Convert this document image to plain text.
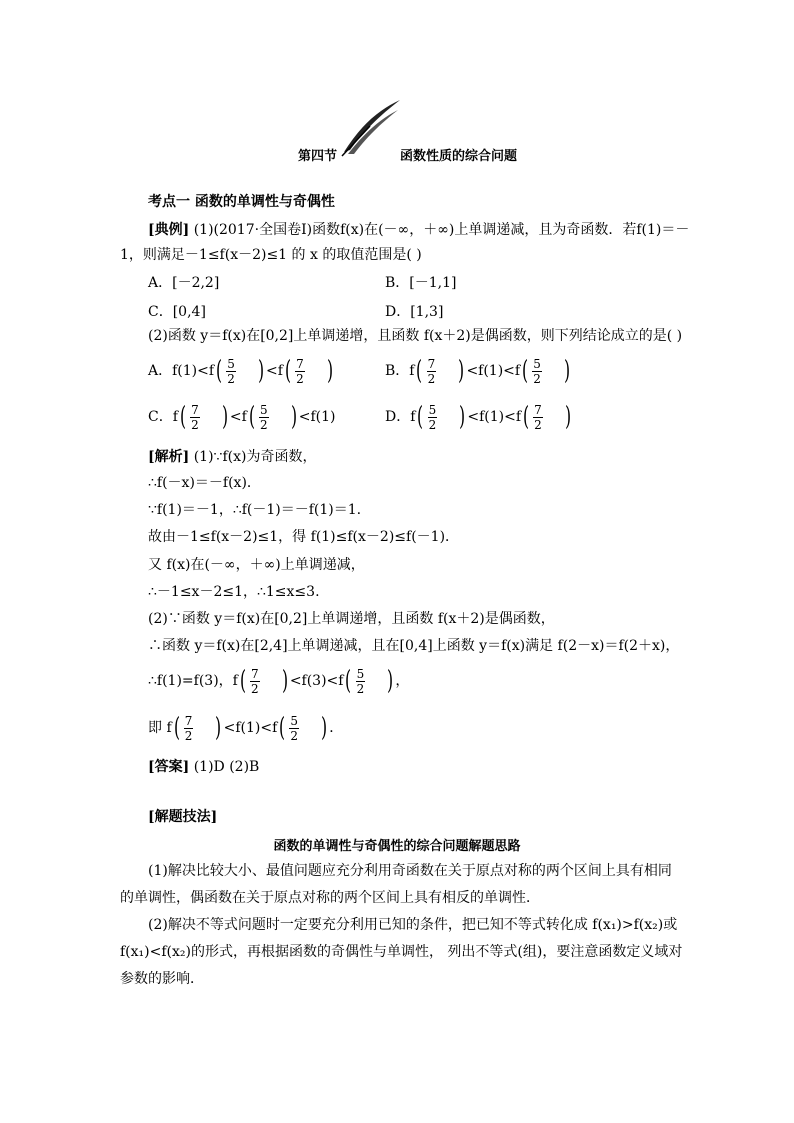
第四节	函数性质的综合问题
考点一 函数的单调性与奇偶性
[典例] (1)(2017·全国卷Ⅰ)函数f(x)在(－∞，＋∞)上单调递减，且为奇函数．若f(1)＝－
1，则满足－1≤f(x－2)≤1 的 x 的取值范围是( )
A．[－2,2]	B．[－1,1]
C．[0,4]	D．[1,3]
(2)函数 y＝f(x)在[0,2]上单调递增，且函数 f(x＋2)是偶函数，则下列结论成立的是( )
A．$f(1)<f( \frac{5}{2}$ ) $<f( \frac{7}{2}$ )	B．$f( \frac{7}{2}$ ) $<f(1)<f( \frac{5}{2}$ )
C．$f( \frac{7}{2}$ ) $<f( \frac{5}{2}$ ) <f(1)	D．$f( \frac{5}{2}$ ) $<f(1)<f( \frac{7}{2}$ )
[解析] (1)∵f(x)为奇函数，
∴f(－x)＝－f(x)．
∵f(1)＝－1，∴f(－1)＝－f(1)＝1.
故由－1≤f(x－2)≤1，得 f(1)≤f(x－2)≤f(－1)．
又 f(x)在(－∞，＋∞)上单调递减，
∴－1≤x－2≤1，∴1≤x≤3.
(2)∵函数 y＝f(x)在[0,2]上单调递增，且函数 f(x＋2)是偶函数，
∴函数 y＝f(x)在[2,4]上单调递减，且在[0,4]上函数 y＝f(x)满足 f(2－x)＝f(2＋x)，
∴f(1)=f(3)，$f( \frac{7}{2}$ ) $<f(3)<f( \frac{5}{2}$ ) ，
即 $f( \frac{7}{2}$ ) $<f(1)<f( \frac{5}{2}$ ) ．
[答案] (1)D (2)B
[解题技法]
函数的单调性与奇偶性的综合问题解题思路
(1)解决比较大小、最值问题应充分利用奇函数在关于原点对称的两个区间上具有相同
的单调性，偶函数在关于原点对称的两个区间上具有相反的单调性．
(2)解决不等式问题时一定要充分利用已知的条件，把已知不等式转化成 f(x₁)>f(x₂)或
f(x₁)<f(x₂)的形式，再根据函数的奇偶性与单调性， 列出不等式(组)，要注意函数定义域对
参数的影响．
